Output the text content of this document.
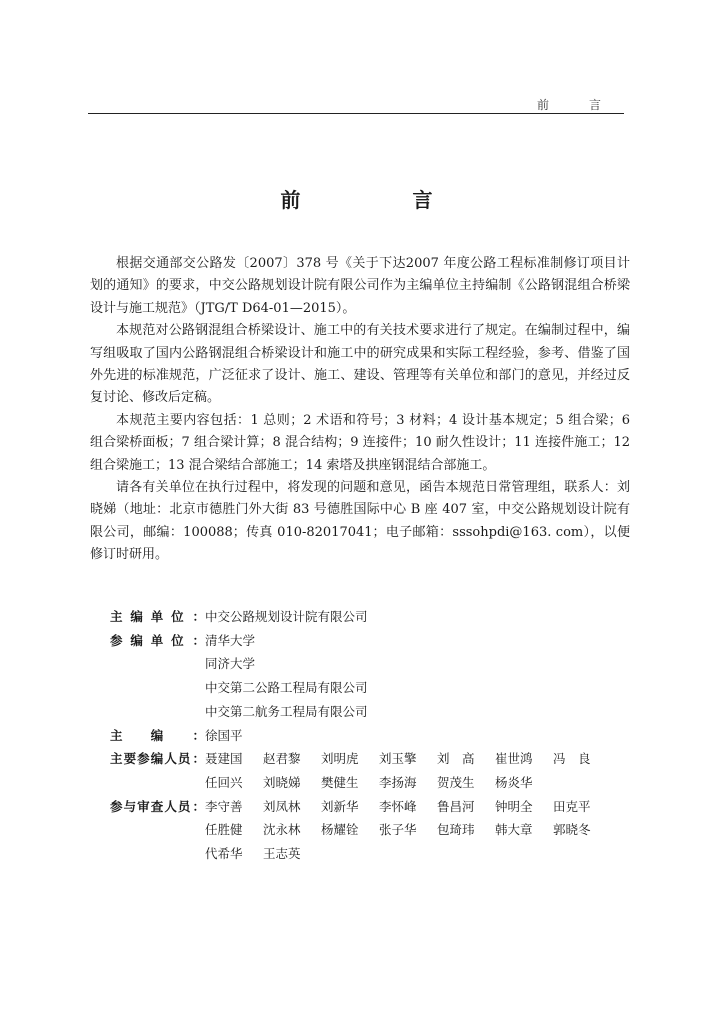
前　言
前　言

根据交通部交公路发〔2007〕378 号《关于下达2007 年度公路工程标准制修订项目计划的通知》的要求，中交公路规划设计院有限公司作为主编单位主持编制《公路钢混组合桥梁设计与施工规范》（JTG/T D64-01—2015）。

本规范对公路钢混组合桥梁设计、施工中的有关技术要求进行了规定。在编制过程中，编写组吸取了国内公路钢混组合桥梁设计和施工中的研究成果和实际工程经验，参考、借鉴了国外先进的标准规范，广泛征求了设计、施工、建设、管理等有关单位和部门的意见，并经过反复讨论、修改后定稿。

本规范主要内容包括：1 总则；2 术语和符号；3 材料；4 设计基本规定；5 组合梁；6 组合梁桥面板；7 组合梁计算；8 混合结构；9 连接件；10 耐久性设计；11 连接件施工；12 组合梁施工；13 混合梁结合部施工；14 索塔及拱座钢混结合部施工。

请各有关单位在执行过程中，将发现的问题和意见，函告本规范日常管理组，联系人：刘晓娣（地址：北京市德胜门外大街 83 号德胜国际中心 B 座 407 室，中交公路规划设计院有限公司，邮编：100088；传真 010-82017041；电子邮箱：sssohpdi@163. com），以便修订时研用。

主 编 单 位 ： 中交公路规划设计院有限公司
参 编 单 位 ： 清华大学
同济大学
中交第二公路工程局有限公司
中交第二航务工程局有限公司
主 编 ： 徐国平
主 要 参 编 人 员 ： 聂建国	赵君黎	刘明虎	刘玉擎	刘　高	崔世鸿	冯　良
任回兴	刘晓娣	樊健生	李扬海	贺茂生	杨炎华
参 与 审 查 人 员 ： 李守善	刘凤林	刘新华	李怀峰	鲁昌河	钟明全	田克平
任胜健	沈永林	杨耀铨	张子华	包琦玮	韩大章	郭晓冬
代希华	王志英
